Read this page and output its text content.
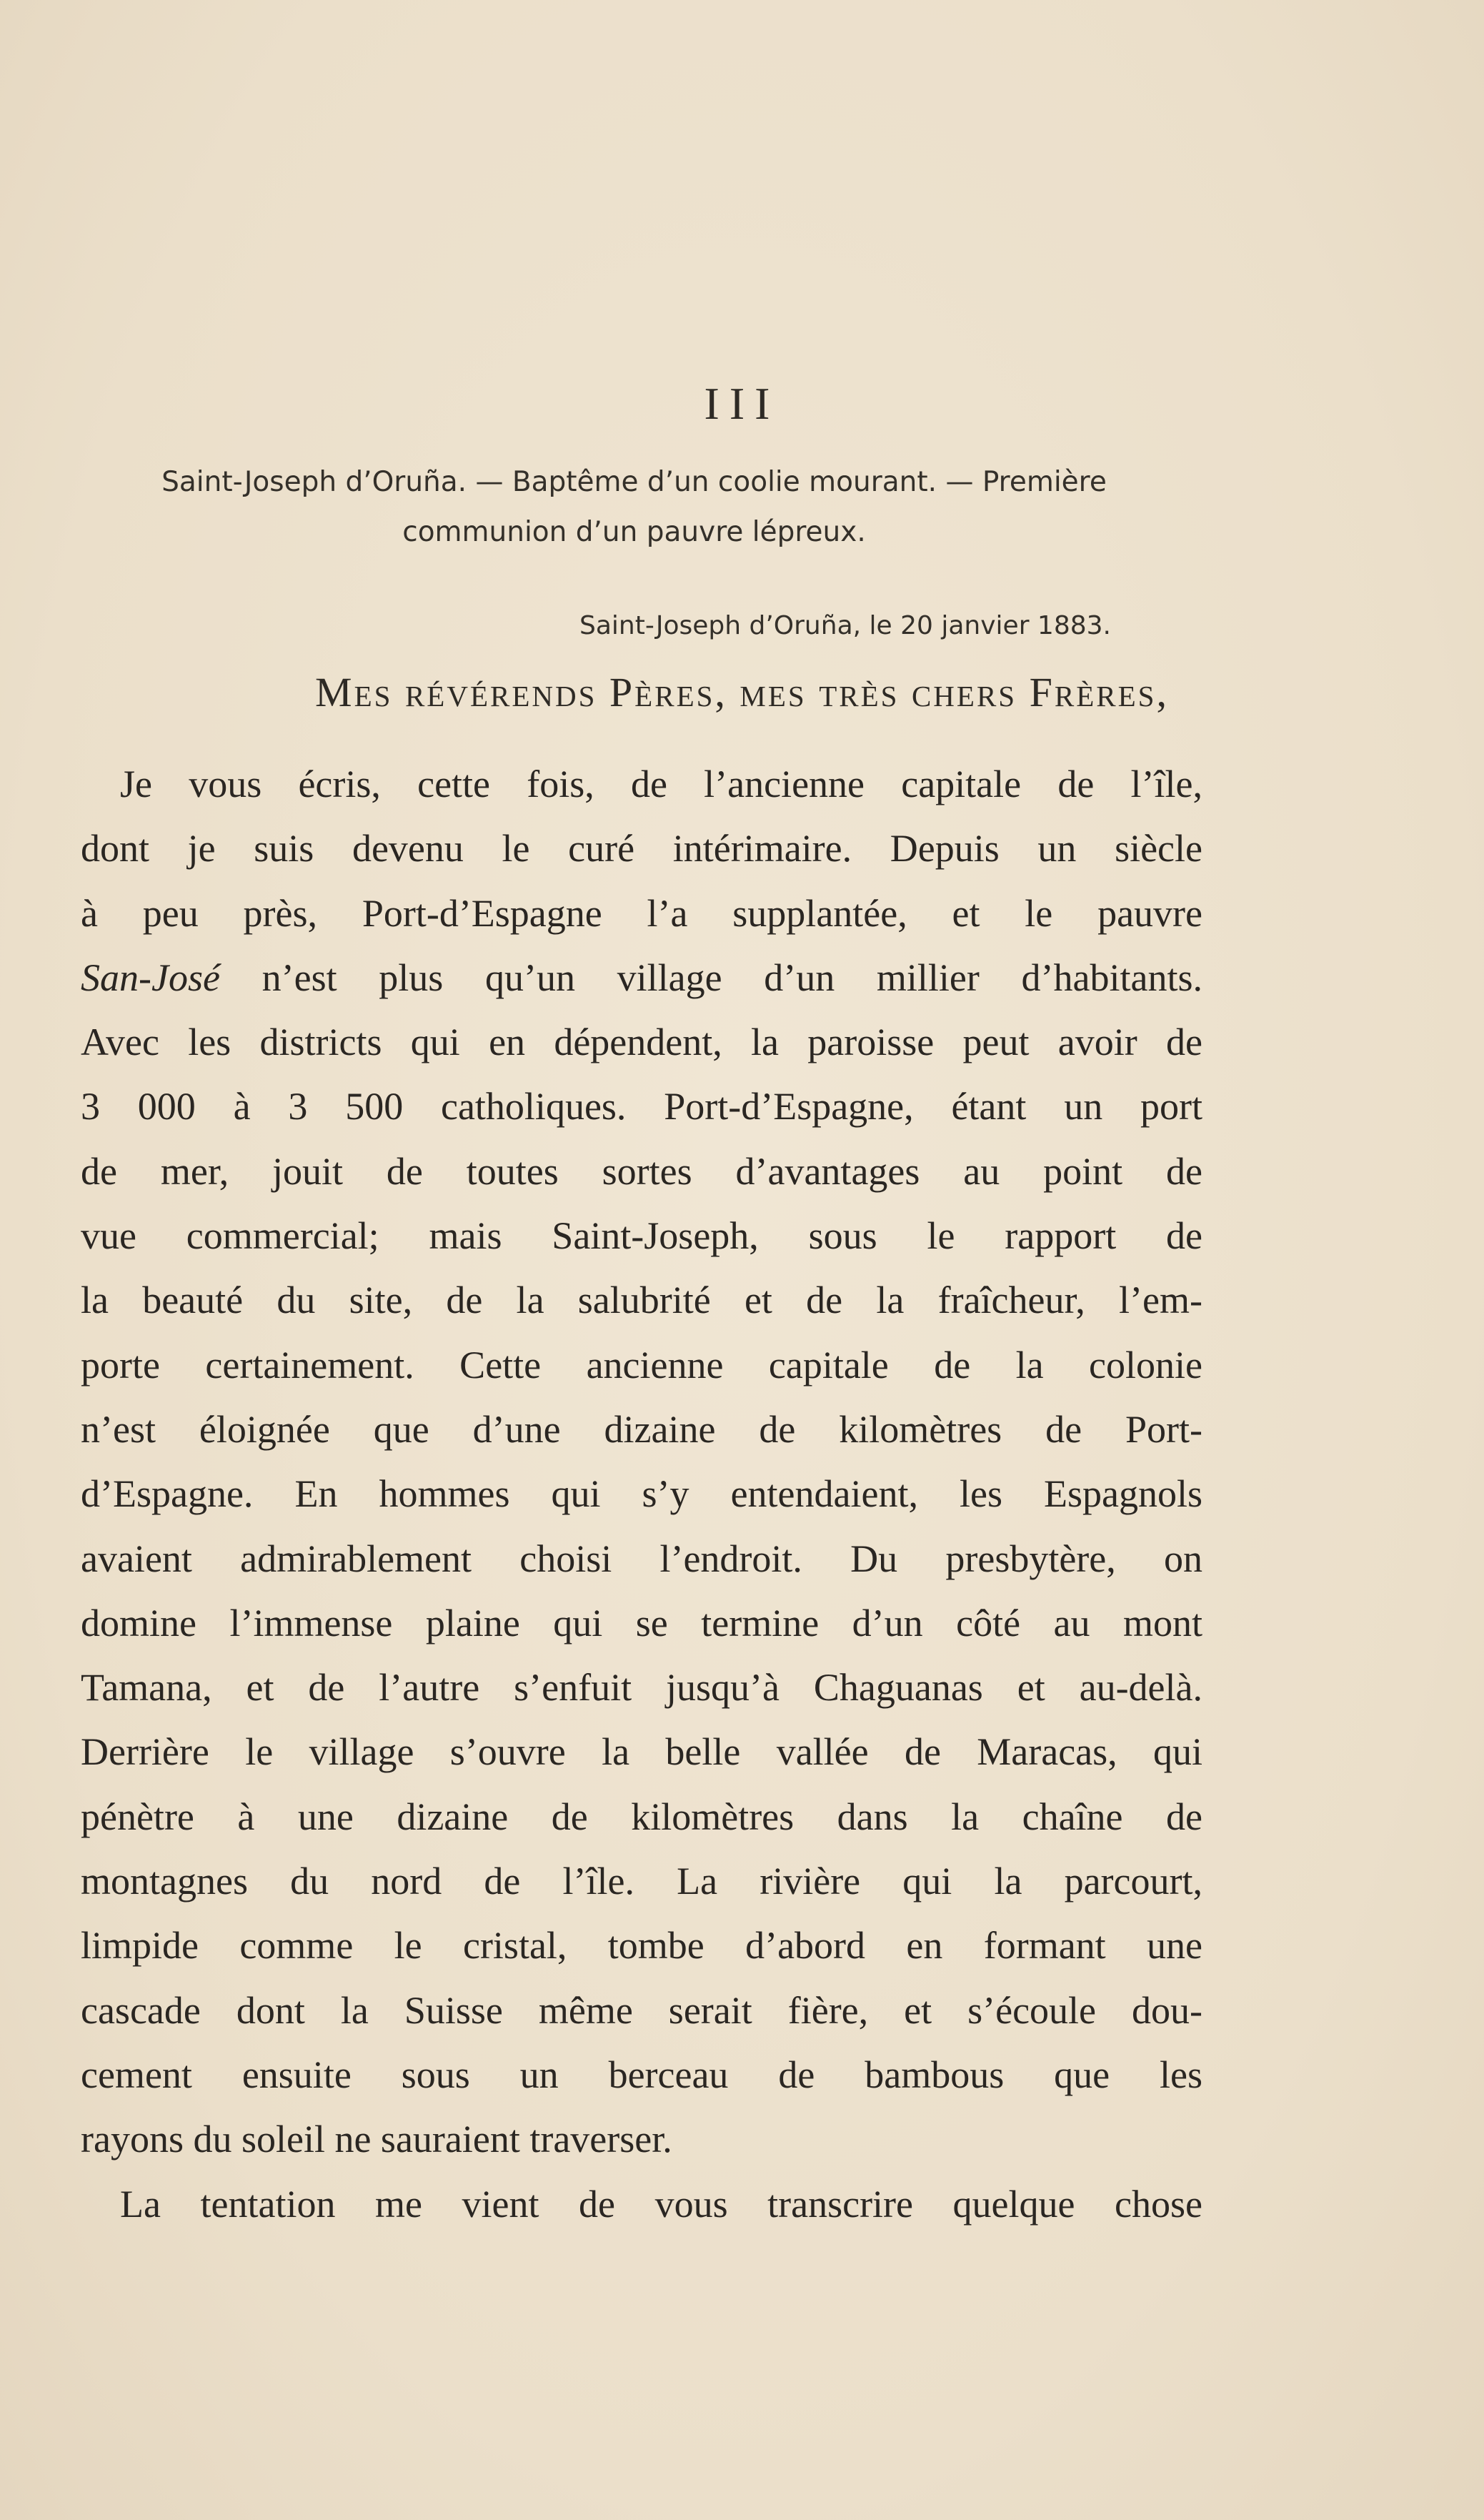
III
Saint-Joseph d’Oruña. — Baptême d’un coolie mourant. — Première
communion d’un pauvre lépreux.
Saint-Joseph d’Oruña, le 20 janvier 1883.
Mes révérends Pères, mes très chers Frères,
Je vous écris, cette fois, de l’ancienne capitale de l’île,
dont je suis devenu le curé intérimaire. Depuis un siècle
à peu près, Port-d’Espagne l’a supplantée, et le pauvre
San-José n’est plus qu’un village d’un millier d’habitants.
Avec les districts qui en dépendent, la paroisse peut avoir de
3 000 à 3 500 catholiques. Port-d’Espagne, étant un port
de mer, jouit de toutes sortes d’avantages au point de
vue commercial; mais Saint-Joseph, sous le rapport de
la beauté du site, de la salubrité et de la fraîcheur, l’em-
porte certainement. Cette ancienne capitale de la colonie
n’est éloignée que d’une dizaine de kilomètres de Port-
d’Espagne. En hommes qui s’y entendaient, les Espagnols
avaient admirablement choisi l’endroit. Du presbytère, on
domine l’immense plaine qui se termine d’un côté au mont
Tamana, et de l’autre s’enfuit jusqu’à Chaguanas et au-delà.
Derrière le village s’ouvre la belle vallée de Maracas, qui
pénètre à une dizaine de kilomètres dans la chaîne de
montagnes du nord de l’île. La rivière qui la parcourt,
limpide comme le cristal, tombe d’abord en formant une
cascade dont la Suisse même serait fière, et s’écoule dou-
cement ensuite sous un berceau de bambous que les
rayons du soleil ne sauraient traverser.
La tentation me vient de vous transcrire quelque chose
